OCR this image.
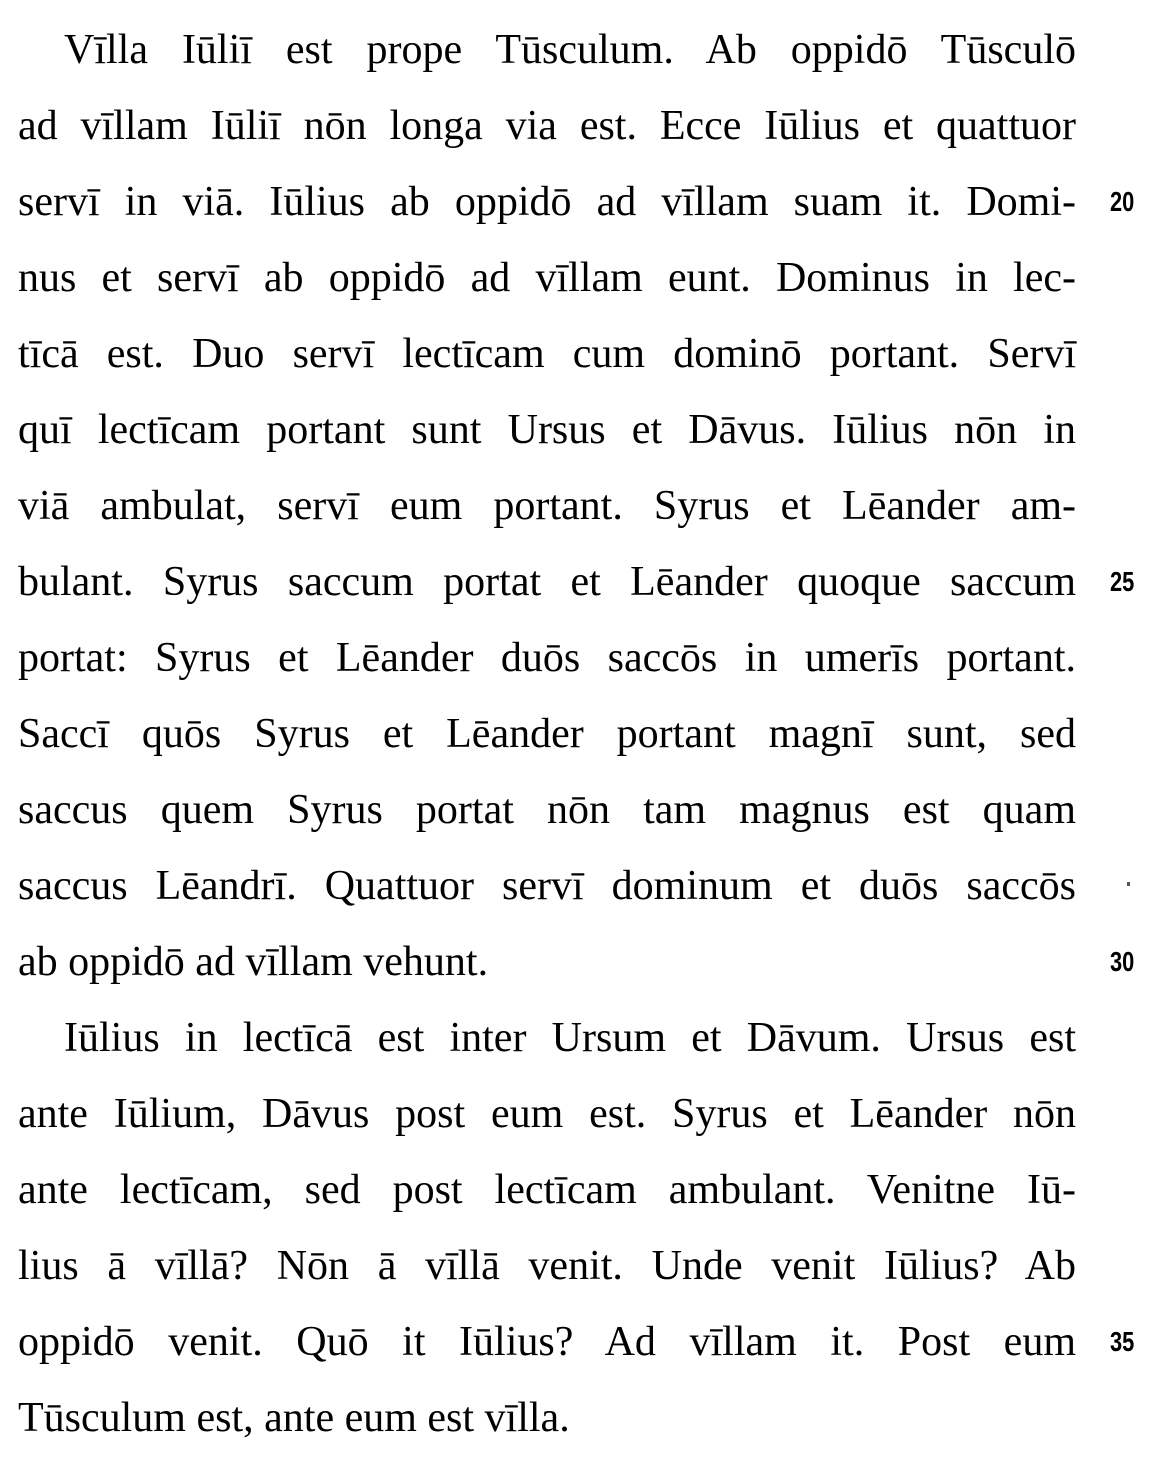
Vīlla Iūliī est prope Tūsculum. Ab oppidō Tūsculō
ad vīllam Iūliī nōn longa via est. Ecce Iūlius et quattuor
servī in viā. Iūlius ab oppidō ad vīllam suam it. Domi-
nus et servī ab oppidō ad vīllam eunt. Dominus in lec-
tīcā est. Duo servī lectīcam cum dominō portant. Servī
quī lectīcam portant sunt Ursus et Dāvus. Iūlius nōn in
viā ambulat, servī eum portant. Syrus et Lēander am-
bulant. Syrus saccum portat et Lēander quoque saccum
portat: Syrus et Lēander duōs saccōs in umerīs portant.
Saccī quōs Syrus et Lēander portant magnī sunt, sed
saccus quem Syrus portat nōn tam magnus est quam
saccus Lēandrī. Quattuor servī dominum et duōs saccōs
ab oppidō ad vīllam vehunt.
Iūlius in lectīcā est inter Ursum et Dāvum. Ursus est
ante Iūlium, Dāvus post eum est. Syrus et Lēander nōn
ante lectīcam, sed post lectīcam ambulant. Venitne Iū-
lius ā vīllā? Nōn ā vīllā venit. Unde venit Iūlius? Ab
oppidō venit. Quō it Iūlius? Ad vīllam it. Post eum
Tūsculum est, ante eum est vīlla.
20
25
30
35
